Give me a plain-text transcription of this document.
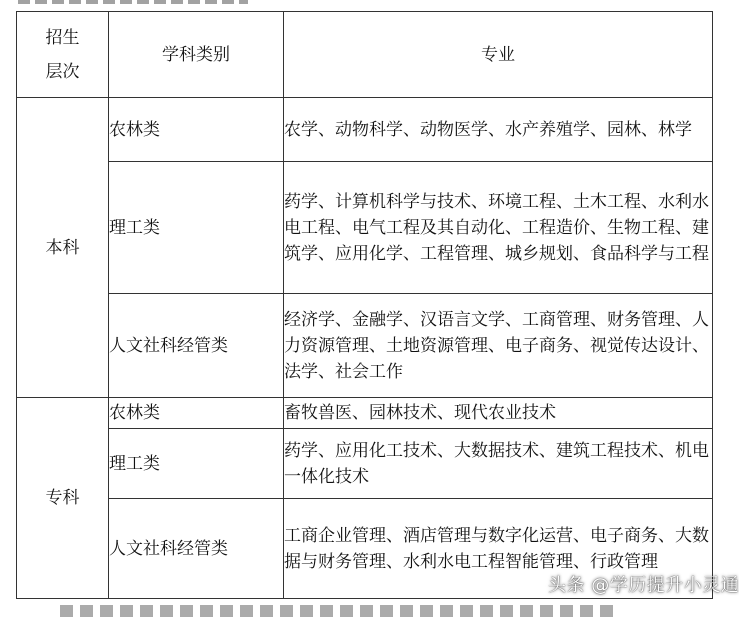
招生层次	学科类别	专业
本科	农林类	农学、动物科学、动物医学、水产养殖学、园林、林学
	理工类	药学、计算机科学与技术、环境工程、土木工程、水利水电工程、电气工程及其自动化、工程造价、生物工程、建筑学、应用化学、工程管理、城乡规划、食品科学与工程
	人文社科经管类	经济学、金融学、汉语言文学、工商管理、财务管理、人力资源管理、土地资源管理、电子商务、视觉传达设计、法学、社会工作
专科	农林类	畜牧兽医、园林技术、现代农业技术
	理工类	药学、应用化工技术、大数据技术、建筑工程技术、机电一体化技术
	人文社科经管类	工商企业管理、酒店管理与数字化运营、电子商务、大数据与财务管理、水利水电工程智能管理、行政管理
头条 @学历提升小灵通
